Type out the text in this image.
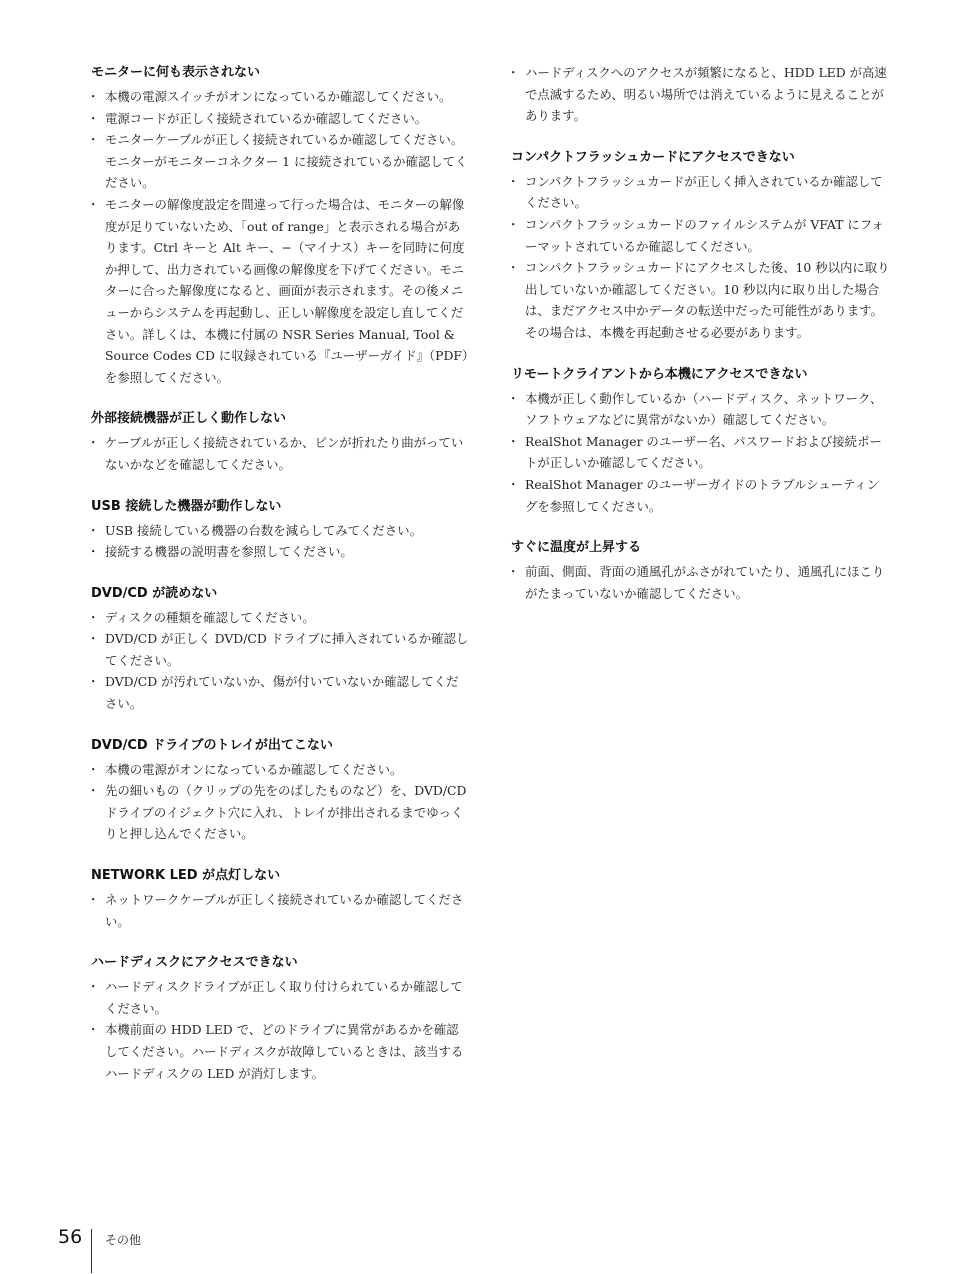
モニターに何も表示されない
・ 本機の電源スイッチがオンになっているか確認してください。
・ 電源コードが正しく接続されているか確認してください。
・ モニターケーブルが正しく接続されているか確認してください。モニターがモニターコネクター 1 に接続されているか確認してください。
・ モニターの解像度設定を間違って行った場合は、モニターの解像度が足りていないため、「out of range」と表示される場合があります。Ctrl キーと Alt キー、−（マイナス）キーを同時に何度か押して、出力されている画像の解像度を下げてください。モニターに合った解像度になると、画面が表示されます。その後メニューからシステムを再起動し、正しい解像度を設定し直してください。詳しくは、本機に付属の NSR Series Manual, Tool & Source Codes CD に収録されている『ユーザーガイド』（PDF）を参照してください。
外部接続機器が正しく動作しない
・ ケーブルが正しく接続されているか、ピンが折れたり曲がっていないかなどを確認してください。
USB 接続した機器が動作しない
・ USB 接続している機器の台数を減らしてみてください。
・ 接続する機器の説明書を参照してください。
DVD/CD が読めない
・ ディスクの種類を確認してください。
・ DVD/CD が正しく DVD/CD ドライブに挿入されているか確認してください。
・ DVD/CD が汚れていないか、傷が付いていないか確認してください。
DVD/CD ドライブのトレイが出てこない
・ 本機の電源がオンになっているか確認してください。
・ 先の細いもの（クリップの先をのばしたものなど）を、DVD/CD ドライブのイジェクト穴に入れ、トレイが排出されるまでゆっくりと押し込んでください。
NETWORK LED が点灯しない
・ ネットワークケーブルが正しく接続されているか確認してください。
ハードディスクにアクセスできない
・ ハードディスクドライブが正しく取り付けられているか確認してください。
・ 本機前面の HDD LED で、どのドライブに異常があるかを確認してください。ハードディスクが故障しているときは、該当するハードディスクの LED が消灯します。
・ ハードディスクへのアクセスが頻繁になると、HDD LED が高速で点滅するため、明るい場所では消えているように見えることがあります。
コンパクトフラッシュカードにアクセスできない
・ コンパクトフラッシュカードが正しく挿入されているか確認してください。
・ コンパクトフラッシュカードのファイルシステムが VFAT にフォーマットされているか確認してください。
・ コンパクトフラッシュカードにアクセスした後、10 秒以内に取り出していないか確認してください。10 秒以内に取り出した場合は、まだアクセス中かデータの転送中だった可能性があります。その場合は、本機を再起動させる必要があります。
リモートクライアントから本機にアクセスできない
・ 本機が正しく動作しているか（ハードディスク、ネットワーク、ソフトウェアなどに異常がないか）確認してください。
・ RealShot Manager のユーザー名、パスワードおよび接続ポートが正しいか確認してください。
・ RealShot Manager のユーザーガイドのトラブルシューティングを参照してください。
すぐに温度が上昇する
・ 前面、側面、背面の通風孔がふさがれていたり、通風孔にほこりがたまっていないか確認してください。
56 その他
